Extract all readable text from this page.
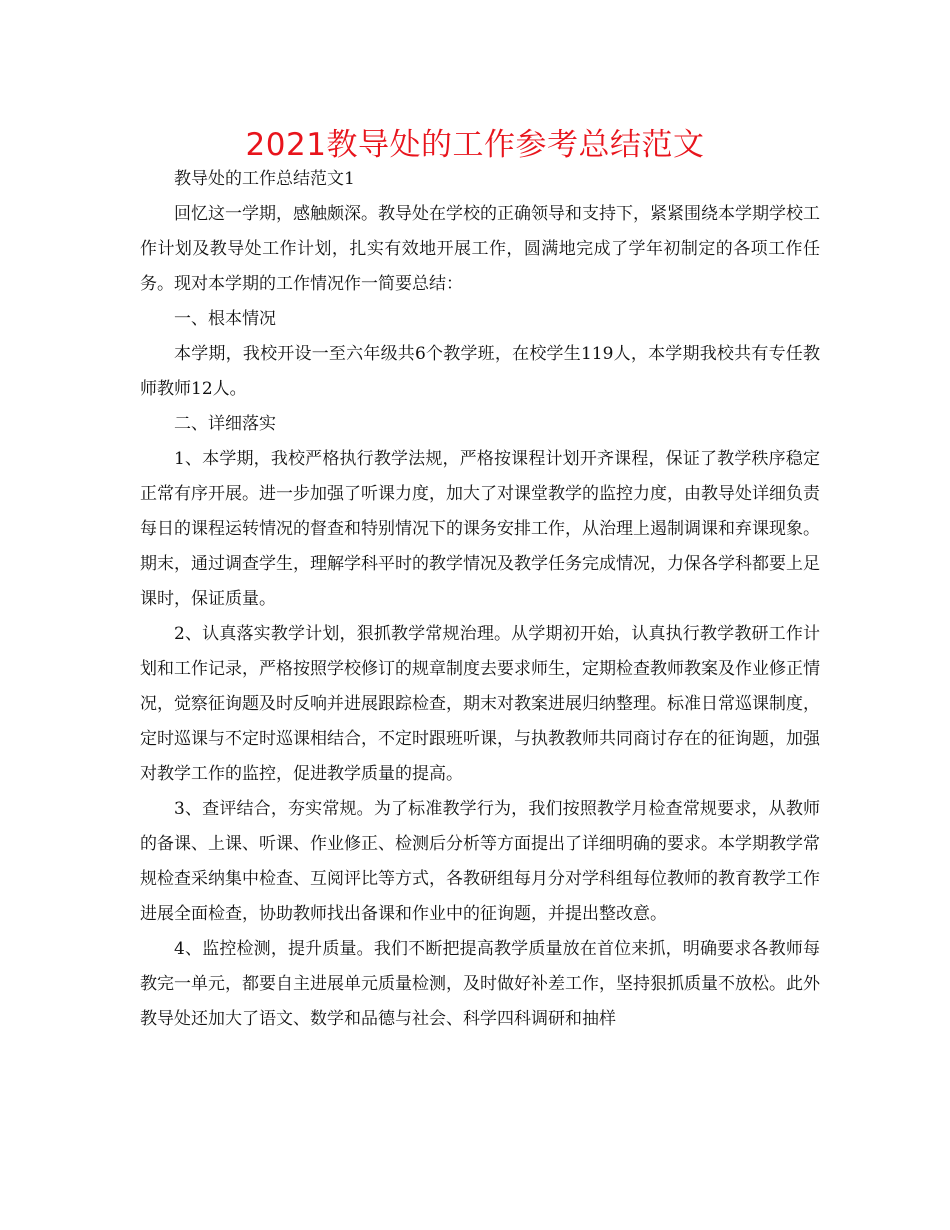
2021教导处的工作参考总结范文

教导处的工作总结范文1

回忆这一学期，感触颇深。教导处在学校的正确领导和支持下，紧紧围绕本学期学校工作计划及教导处工作计划，扎实有效地开展工作，圆满地完成了学年初制定的各项工作任务。现对本学期的工作情况作一简要总结：

一、根本情况

本学期，我校开设一至六年级共6个教学班，在校学生119人，本学期我校共有专任教师教师12人。

二、详细落实

1、本学期，我校严格执行教学法规，严格按课程计划开齐课程，保证了教学秩序稳定正常有序开展。进一步加强了听课力度，加大了对课堂教学的监控力度，由教导处详细负责每日的课程运转情况的督查和特别情况下的课务安排工作，从治理上遏制调课和弃课现象。期末，通过调查学生，理解学科平时的教学情况及教学任务完成情况，力保各学科都要上足课时，保证质量。

2、认真落实教学计划，狠抓教学常规治理。从学期初开始，认真执行教学教研工作计划和工作记录，严格按照学校修订的规章制度去要求师生，定期检查教师教案及作业修正情况，觉察征询题及时反响并进展跟踪检查，期末对教案进展归纳整理。标准日常巡课制度，定时巡课与不定时巡课相结合，不定时跟班听课，与执教教师共同商讨存在的征询题，加强对教学工作的监控，促进教学质量的提高。

3、查评结合，夯实常规。为了标准教学行为，我们按照教学月检查常规要求，从教师的备课、上课、听课、作业修正、检测后分析等方面提出了详细明确的要求。本学期教学常规检查采纳集中检查、互阅评比等方式，各教研组每月分对学科组每位教师的教育教学工作进展全面检查，协助教师找出备课和作业中的征询题，并提出整改意。

4、监控检测，提升质量。我们不断把提高教学质量放在首位来抓，明确要求各教师每教完一单元，都要自主进展单元质量检测，及时做好补差工作，坚持狠抓质量不放松。此外教导处还加大了语文、数学和品德与社会、科学四科调研和抽样
